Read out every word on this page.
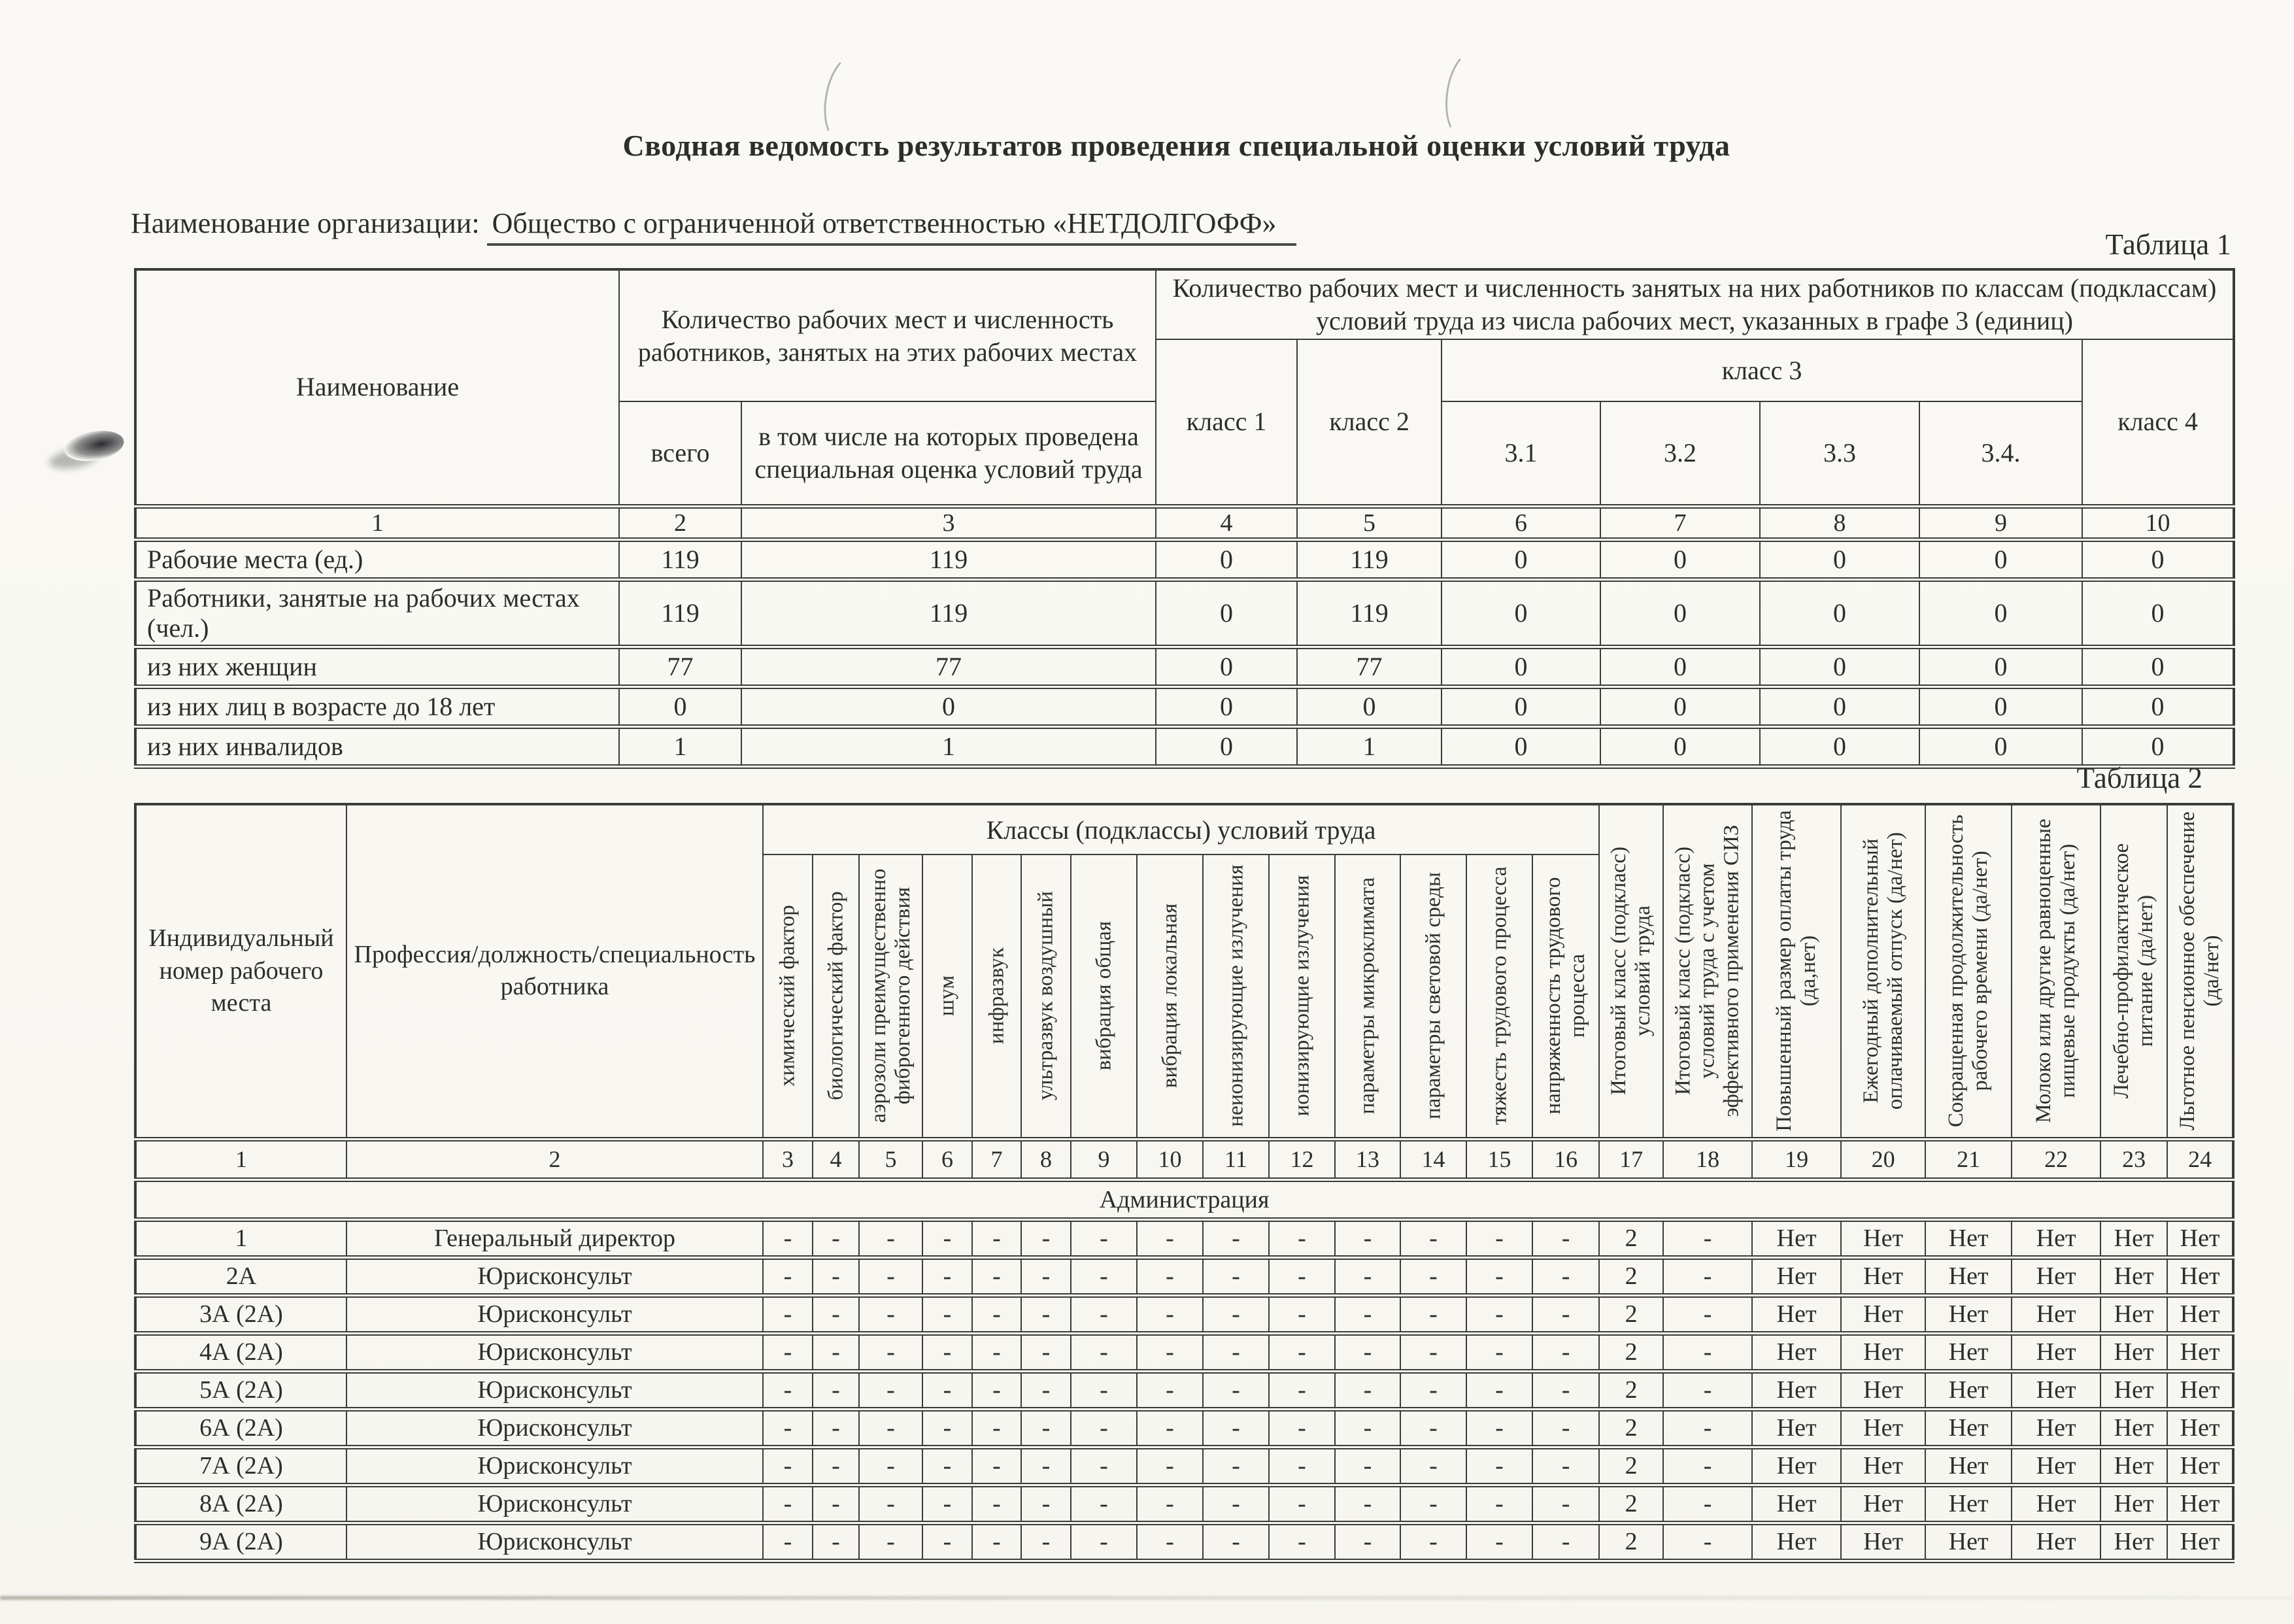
Сводная ведомость результатов проведения специальной оценки условий труда
Наименование организации: Общество с ограниченной ответственностью «НЕТДОЛГОФФ»
Таблица 1
Таблица 2
Наименование	Количество рабочих мест и численность работников, занятых на этих рабочих местах		Количество рабочих мест и численность занятых на них работников по классам (подклассам) условий труда из числа рабочих мест, указанных в графе 3 (единиц)						
			класс 1	класс 2	класс 3				класс 4
	всего	в том числе на которых проведена специальная оценка условий труда			3.1	3.2	3.3	3.4.	
1	2	3	4	5	6	7	8	9	10
Рабочие места (ед.)	119	119	0	119	0	0	0	0	0
Работники, занятые на рабочих местах (чел.)	119	119	0	119	0	0	0	0	0
из них женщин	77	77	0	77	0	0	0	0	0
из них лиц в возрасте до 18 лет	0	0	0	0	0	0	0	0	0
из них инвалидов	1	1	0	1	0	0	0	0	0
Индивидуальный номер рабочего места	Профессия/должность/специальность работника	Классы (подклассы) условий труда														Итоговый класс (подкласс) условий труда	Итоговый класс (подкласс) условий труда с учетом эффективного применения СИЗ	Повышенный размер оплаты труда (да,нет)	Ежегодный дополнительный оплачиваемый отпуск (да/нет)	Сокращенная продолжительность рабочего времени (да/нет)	Молоко или другие равноценные пищевые продукты (да/нет)	Лечебно-профилактическое питание (да/нет)	Льготное пенсионное обеспечение (да/нет)

		химический фактор	биологический фактор	аэрозоли преимущественно фиброгенного действия	шум	инфразвук	ультразвук воздушный	вибрация общая	вибрация локальная	неионизирующие излучения	ионизирующие излучения	параметры микроклимата	параметры световой среды	тяжесть трудового процесса	напряженность трудового процесса								

1	2	3	4	5	6	7	8	9	10	11	12	13	14	15	16	17	18	19	20	21	22	23	24
Администрация																							
1	Генеральный директор	-	-	-	-	-	-	-	-	-	-	-	-	-	-	2	-	Нет	Нет	Нет	Нет	Нет	Нет
2А	Юрисконсульт	-	-	-	-	-	-	-	-	-	-	-	-	-	-	2	-	Нет	Нет	Нет	Нет	Нет	Нет
3А (2А)	Юрисконсульт	-	-	-	-	-	-	-	-	-	-	-	-	-	-	2	-	Нет	Нет	Нет	Нет	Нет	Нет
4А (2А)	Юрисконсульт	-	-	-	-	-	-	-	-	-	-	-	-	-	-	2	-	Нет	Нет	Нет	Нет	Нет	Нет
5А (2А)	Юрисконсульт	-	-	-	-	-	-	-	-	-	-	-	-	-	-	2	-	Нет	Нет	Нет	Нет	Нет	Нет
6А (2А)	Юрисконсульт	-	-	-	-	-	-	-	-	-	-	-	-	-	-	2	-	Нет	Нет	Нет	Нет	Нет	Нет
7А (2А)	Юрисконсульт	-	-	-	-	-	-	-	-	-	-	-	-	-	-	2	-	Нет	Нет	Нет	Нет	Нет	Нет
8А (2А)	Юрисконсульт	-	-	-	-	-	-	-	-	-	-	-	-	-	-	2	-	Нет	Нет	Нет	Нет	Нет	Нет
9А (2А)	Юрисконсульт	-	-	-	-	-	-	-	-	-	-	-	-	-	-	2	-	Нет	Нет	Нет	Нет	Нет	Нет
